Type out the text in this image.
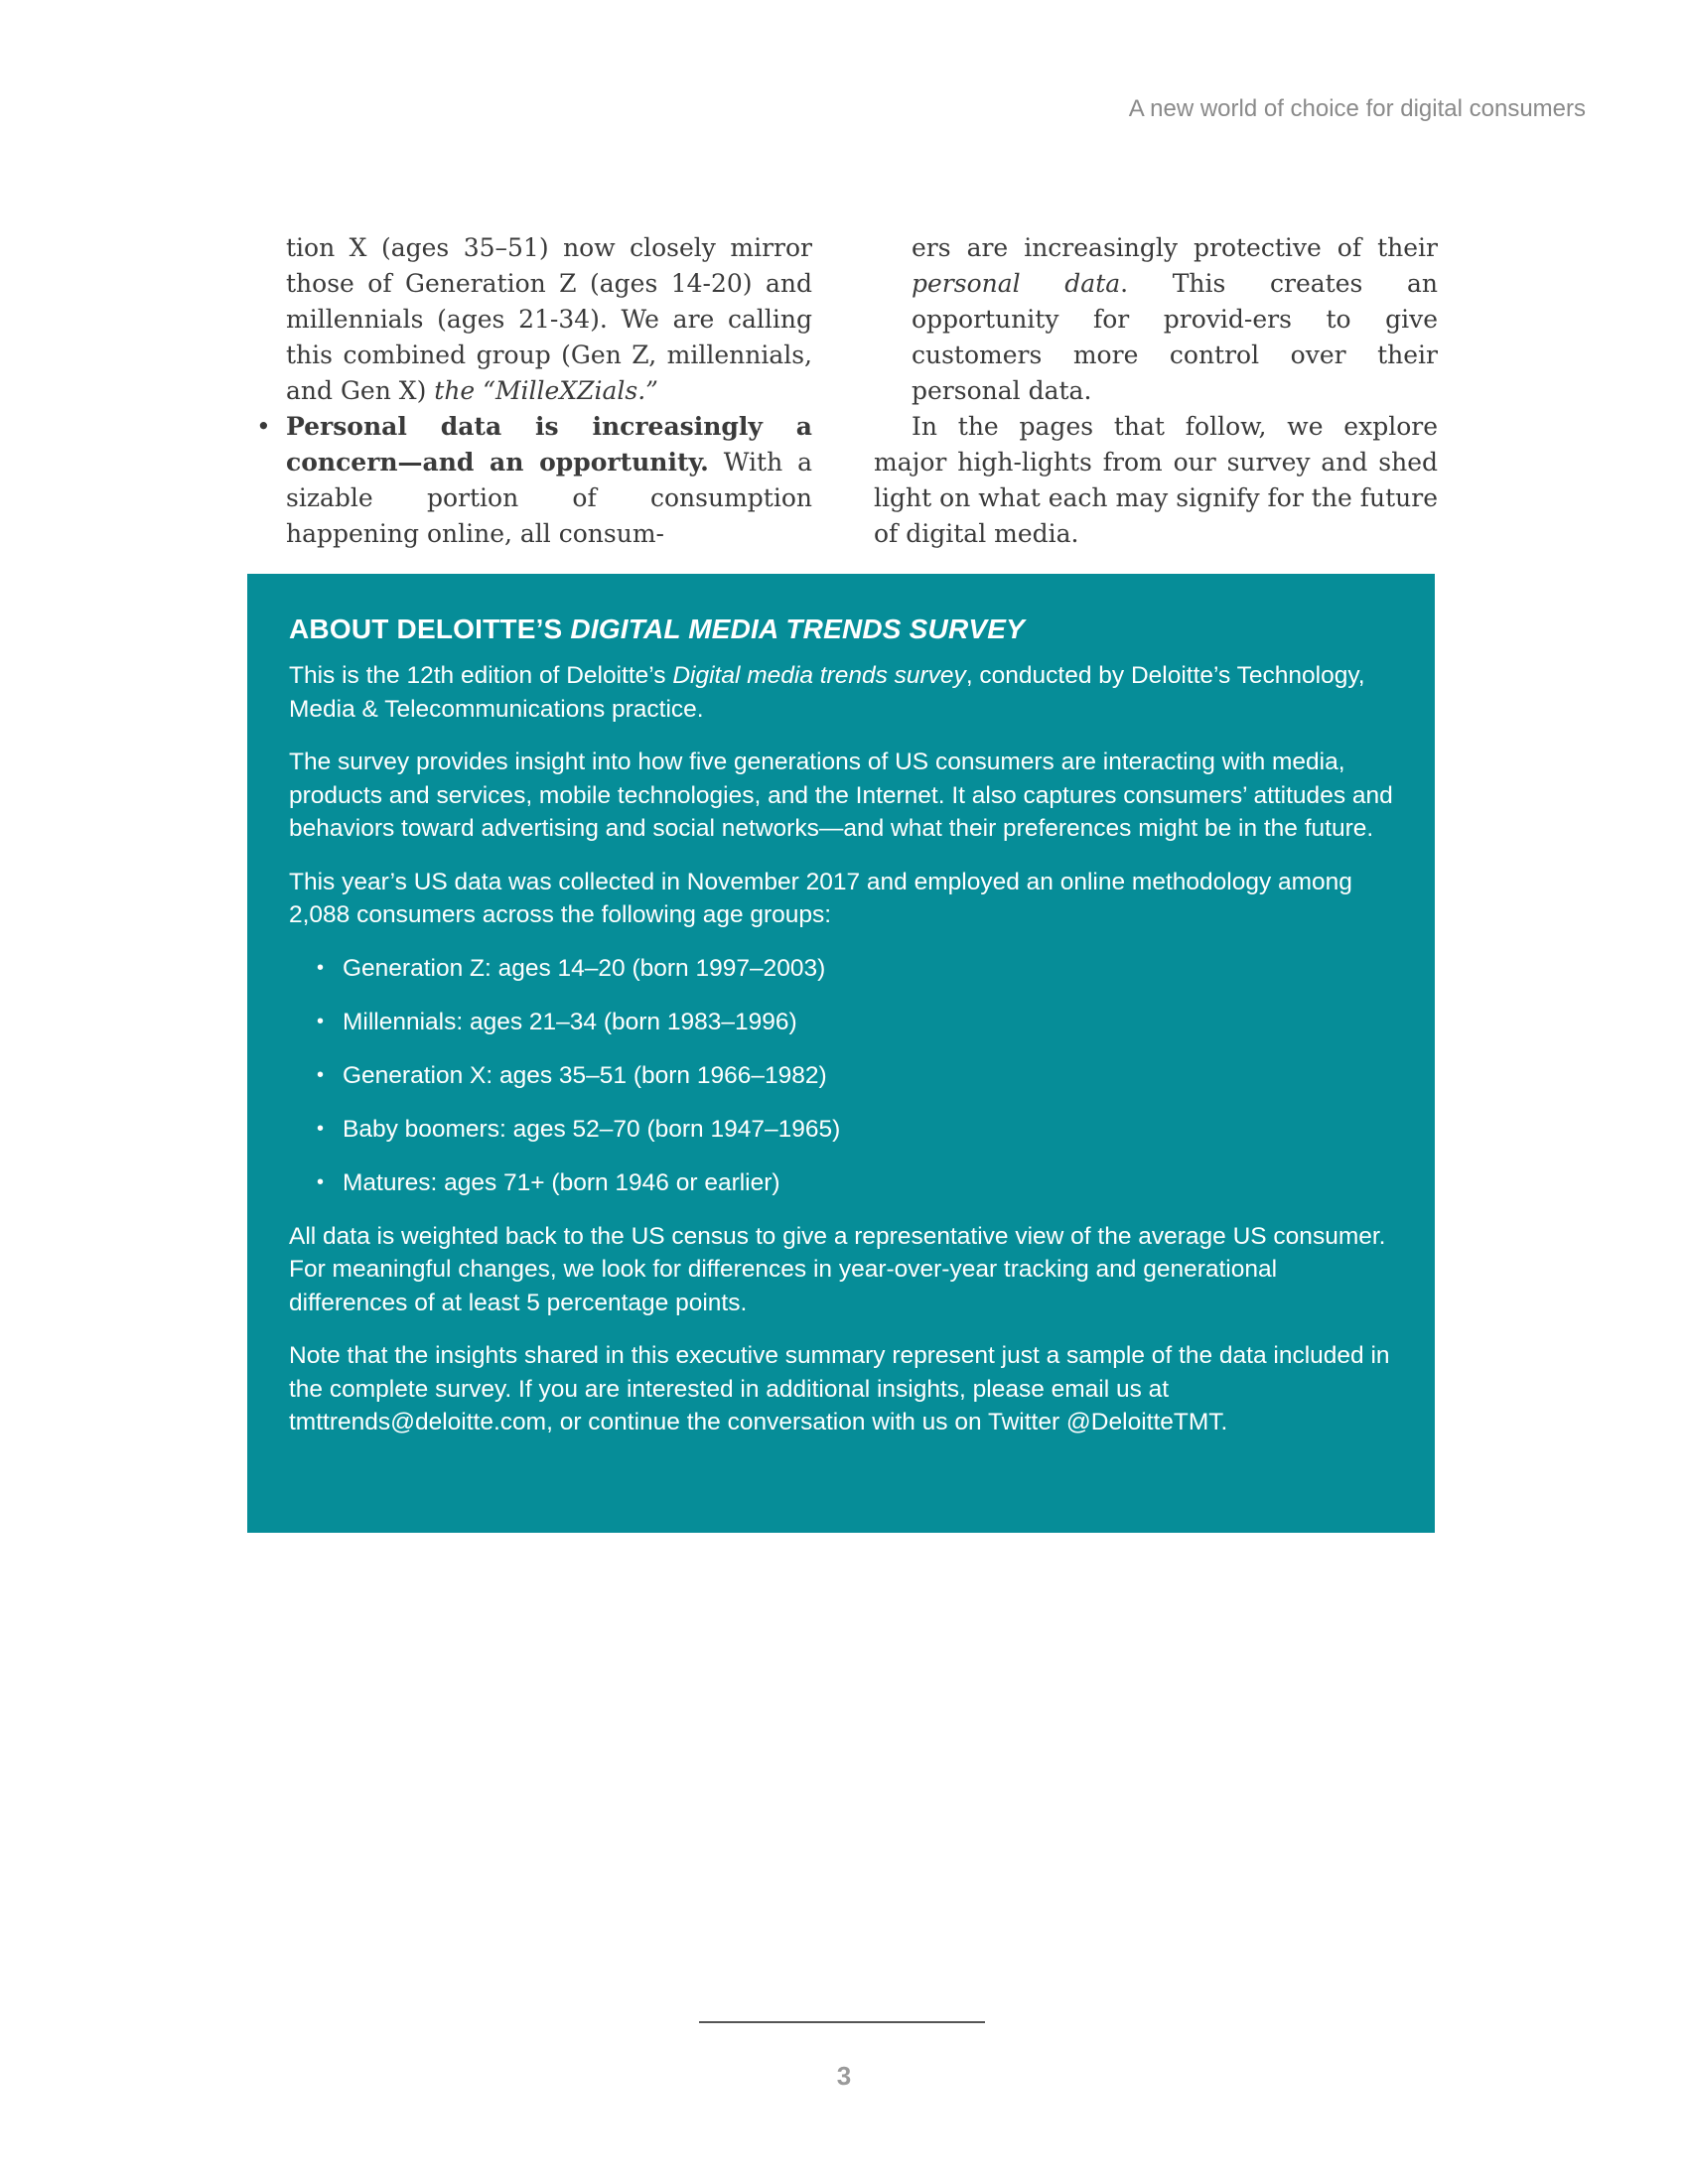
A new world of choice for digital consumers

tion X (ages 35–51) now closely mirror those of Generation Z (ages 14-20) and millennials (ages 21-34). We are calling this combined group (Gen Z, millennials, and Gen X) the “MilleXZials.”

• Personal data is increasingly a concern—and an opportunity. With a sizable portion of consumption happening online, all consum-

ers are increasingly protective of their personal data. This creates an opportunity for provid-ers to give customers more control over their personal data.

In the pages that follow, we explore major high-lights from our survey and shed light on what each may signify for the future of digital media.

ABOUT DELOITTE’S DIGITAL MEDIA TRENDS SURVEY

This is the 12th edition of Deloitte’s Digital media trends survey, conducted by Deloitte’s Technology, Media & Telecommunications practice.

The survey provides insight into how five generations of US consumers are interacting with media, products and services, mobile technologies, and the Internet. It also captures consumers’ attitudes and behaviors toward advertising and social networks—and what their preferences might be in the future.

This year’s US data was collected in November 2017 and employed an online methodology among 2,088 consumers across the following age groups:

• Generation Z: ages 14–20 (born 1997–2003)
• Millennials: ages 21–34 (born 1983–1996)
• Generation X: ages 35–51 (born 1966–1982)
• Baby boomers: ages 52–70 (born 1947–1965)
• Matures: ages 71+ (born 1946 or earlier)

All data is weighted back to the US census to give a representative view of the average US consumer. For meaningful changes, we look for differences in year-over-year tracking and generational differences of at least 5 percentage points.

Note that the insights shared in this executive summary represent just a sample of the data included in the complete survey. If you are interested in additional insights, please email us at tmttrends@deloitte.com, or continue the conversation with us on Twitter @DeloitteTMT.

3
